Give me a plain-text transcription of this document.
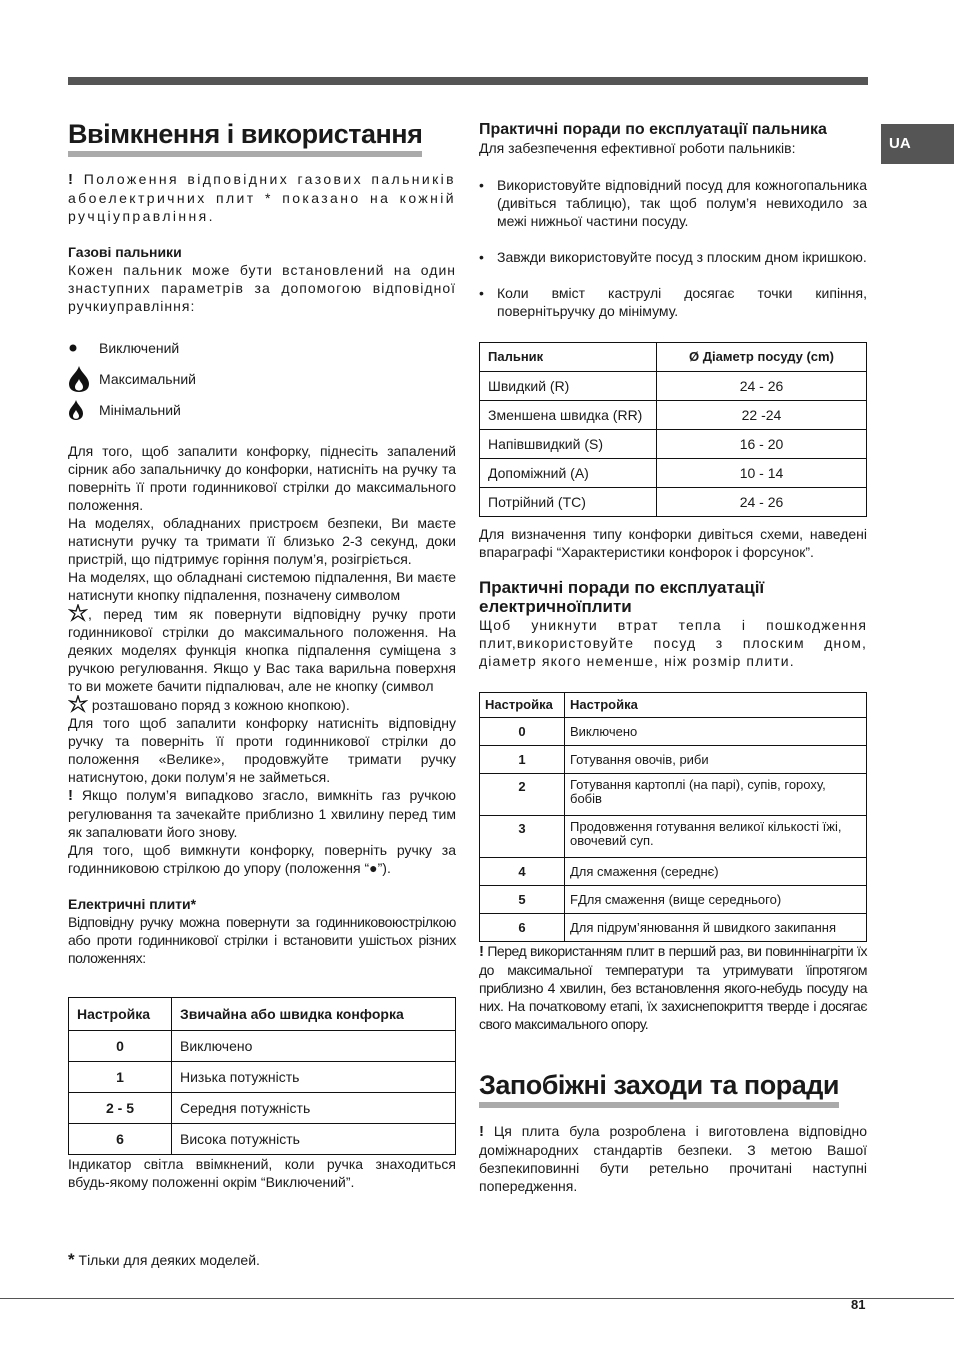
UA
Ввімкнення і використання

! Положення відповідних газових пальників абоелектричних плит * показано на кожній ручціуправління.

Газові пальники

Кожен пальник може бути встановлений на один знаступних параметрів за допомогою відповідної ручкиуправління:

Виключений
Максимальний
Мінімальний

Для того, щоб запалити конфорку, піднесіть запалений сірник або запальничку до конфорки, натисніть на ручку та поверніть її проти годинникової стрілки до максимального положення.

На моделях, обладнаних пристроєм безпеки, Ви маєте натиснути ручку та тримати її близько 2-3 секунд, доки пристрій, що підтримує горіння полум’я, розігріється.

На моделях, що обладнані системою підпалення, Ви маєте натиснути кнопку підпалення, позначену символом
, перед тим як повернути відповідну ручку проти годинникової стрілки до максимального положення. На деяких моделях функція кнопка підпалення суміщена з ручкою регулювання. Якщо у Вас така варильна поверхня то ви можете бачити підпалювач, але не кнопку (символ
розташовано поряд з кожною кнопкою).

Для того щоб запалити конфорку натисніть відповідну ручку та поверніть її проти годинникової стрілки до положення «Велике», продовжуйте тримати ручку натиснутою, доки полум’я не займеться.

! Якщо полум’я випадково згасло, вимкніть газ ручкою регулювання та зачекайте приблизно 1 хвилину перед тим як запалювати його знову.

Для того, щоб вимкнути конфорку, поверніть ручку за годинниковою стрілкою до упору (положення “●”).

Електричні плити*

Відповідну ручку можна повернути за годинниковоюстрілкою або проти годинникової стрілки і встановити ушістьох різних положеннях:

Настройка	Звичайна або швидка конфорка
0	Виключено
1	Низька потужність
2 - 5	Середня потужність
6	Висока потужність

Індикатор світла ввімкнений, коли ручка знаходиться вбудь-якому положенні окрім “Виключений”.

Практичні поради по експлуатації пальника

Для забезпечення ефективної роботи пальників:

• Використовуйте відповідний посуд для кожногопальника (дивіться таблицю), так щоб полум’я невиходило за межі нижньої частини посуду.
• Завжди використовуйте посуд з плоским дном ікришкою.
• Коли вміст каструлі досягає точки кипіння, повернітьручку до мінімуму.
Пальник	Ø Діаметр посуду (cm)
Швидкий (R)	24 - 26
Зменшена швидка (RR)	22 -24
Напівшвидкий (S)	16 - 20
Допоміжний (A)	10 - 14
Потрійний (TC)	24 - 26

Для визначення типу конфорки дивіться схеми, наведені впараграфі “Характеристики конфорок і форсунок”.

Практичні поради по експлуатації електричноїплити

Щоб уникнути втрат тепла і пошкодження плит,використовуйте посуд з плоским дном, діаметр якого неменше, ніж розмір плити.

Настройка	Настройка
0	Виключено
1	Готування овочів, риби
2	Готування картоплі (на парі), супів, гороху, бобів
3	Продовження готування великої кількості їжі, овочевий суп.
4	Для смаження (середнє)
5	FДля смаження (вище середнього)
6	Для підрум’янювання й швидкого закипання

! Перед використанням плит в перший раз, ви повиннінагріти їх до максимальної температури та утримувати їіпротягом приблизно 4 хвилин, без встановлення якого-небудь посуду на них. На початковому етапі, їх захиснепокриття тверде і досягає свого максимального опору.

Запобіжні заходи та поради

! Ця плита була розроблена і виготовлена відповідно доміжнародних стандартів безпеки. З метою Вашої безпекиповинні бути ретельно прочитані наступні попередження.

* Тільки для деяких моделей.
81
